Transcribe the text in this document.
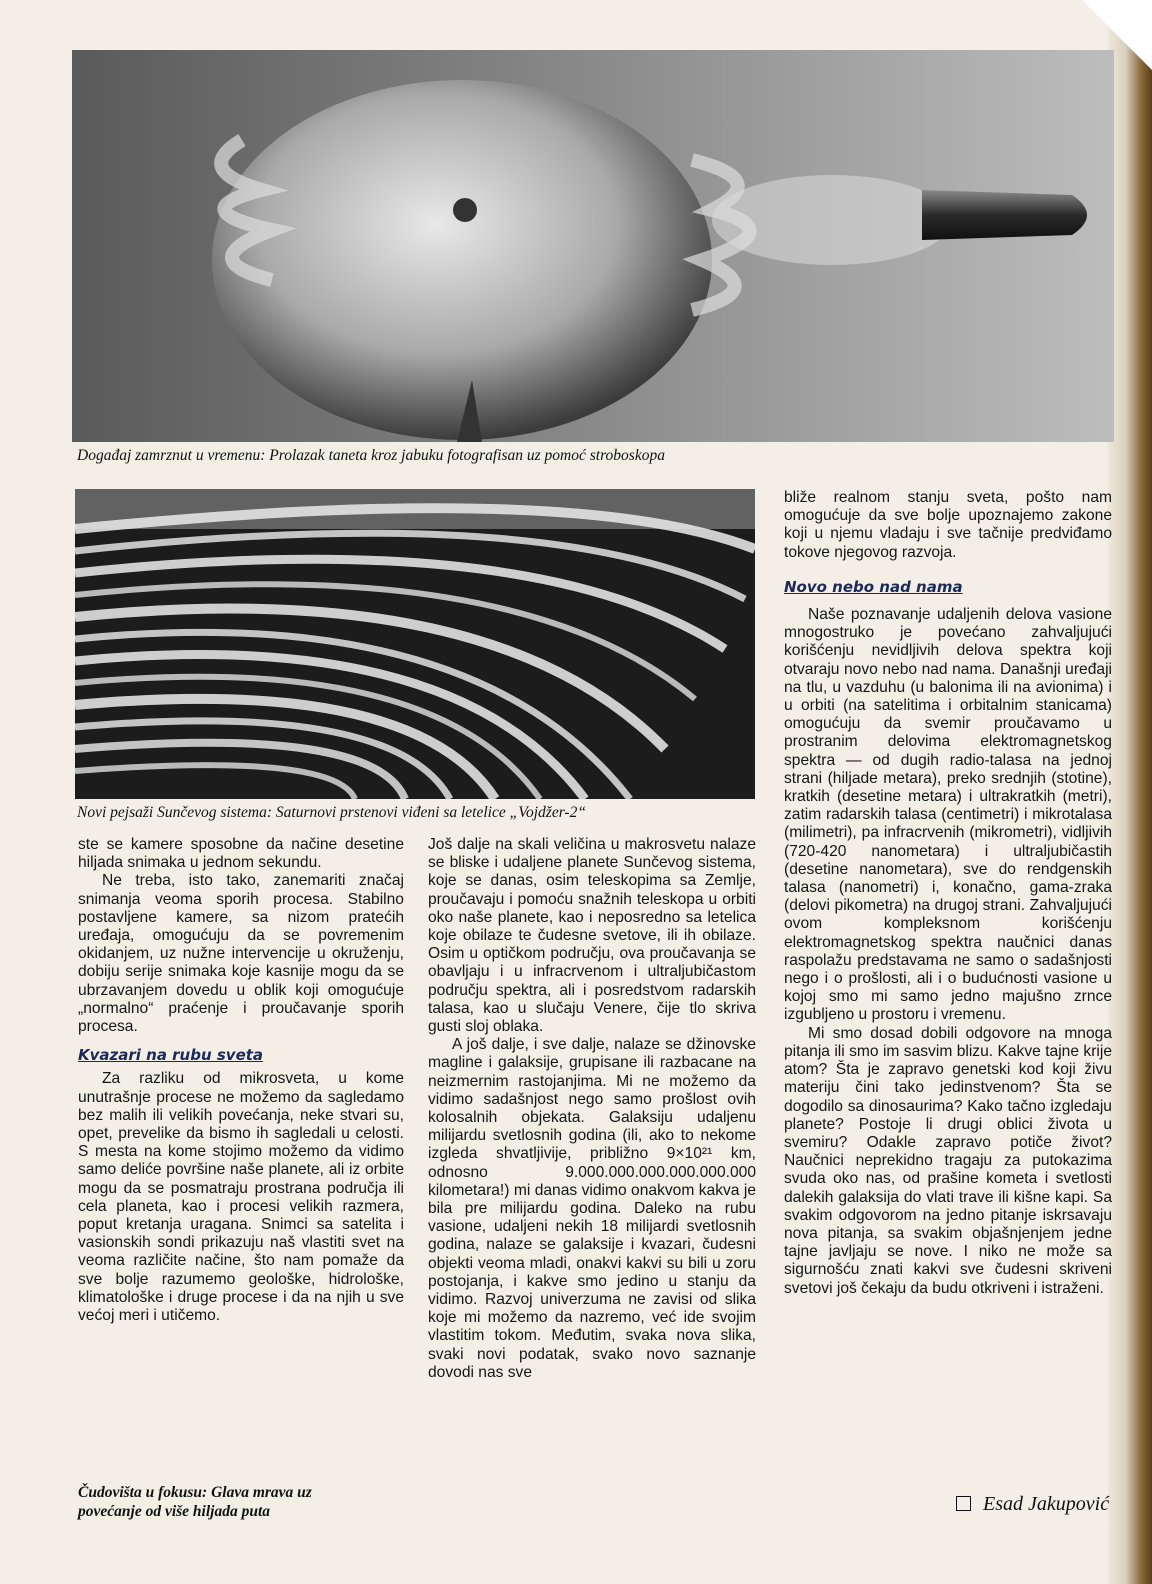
Događaj zamrznut u vremenu: Prolazak taneta kroz jabuku fotografisan uz pomoć stroboskopa
Novi pejsaži Sunčevog sistema: Saturnovi prstenovi viđeni sa letelice „Vojdžer-2“

ste se kamere sposobne da načine desetine hiljada snimaka u jednom sekundu.

Ne treba, isto tako, zanemariti značaj snimanja veoma sporih procesa. Stabilno postavljene kamere, sa nizom pratećih uređaja, omogućuju da se povremenim okidanjem, uz nužne intervencije u okruženju, dobiju serije snimaka koje kasnije mogu da se ubrzavanjem dovedu u oblik koji omogućuje „normalno“ praćenje i proučavanje sporih procesa.

Kvazari na rubu sveta

Za razliku od mikrosveta, u kome unutrašnje procese ne možemo da sagledamo bez malih ili velikih povećanja, neke stvari su, opet, prevelike da bismo ih sagledali u celosti. S mesta na kome stojimo možemo da vidimo samo deliće površine naše planete, ali iz orbite mogu da se posmatraju prostrana područja ili cela planeta, kao i procesi velikih razmera, poput kretanja uragana. Snimci sa satelita i vasionskih sondi prikazuju naš vlastiti svet na veoma različite načine, što nam pomaže da sve bolje razumemo geološke, hidrološke, klimatološke i druge procese i da na njih u sve većoj meri i utičemo.

Čudovišta u fokusu: Glava mrava uz
povećanje od više hiljada puta

Još dalje na skali veličina u makrosvetu nalaze se bliske i udaljene planete Sunčevog sistema, koje se danas, osim teleskopima sa Zemlje, proučavaju i pomoću snažnih teleskopa u orbiti oko naše planete, kao i neposredno sa letelica koje obilaze te čudesne svetove, ili ih obilaze. Osim u optičkom području, ova proučavanja se obavljaju i u infracrvenom i ultraljubičastom području spektra, ali i posredstvom radarskih talasa, kao u slučaju Venere, čije tlo skriva gusti sloj oblaka.

A još dalje, i sve dalje, nalaze se džinovske magline i galaksije, grupisane ili razbacane na neizmernim rastojanjima. Mi ne možemo da vidimo sadašnjost nego samo prošlost ovih kolosalnih objekata. Galaksiju udaljenu milijardu svetlosnih godina (ili, ako to nekome izgleda shvatljivije, približno 9×10²¹ km, odnosno 9.000.000.000.000.000.000 kilometara!) mi danas vidimo onakvom kakva je bila pre milijardu godina. Daleko na rubu vasione, udaljeni nekih 18 milijardi svetlosnih godina, nalaze se galaksije i kvazari, čudesni objekti veoma mladi, onakvi kakvi su bili u zoru postojanja, i kakve smo jedino u stanju da vidimo. Razvoj univerzuma ne zavisi od slika koje mi možemo da nazremo, već ide svojim vlastitim tokom. Međutim, svaka nova slika, svaki novi podatak, svako novo saznanje dovodi nas sve

bliže realnom stanju sveta, pošto nam omogućuje da sve bolje upoznajemo zakone koji u njemu vladaju i sve tačnije predviđamo tokove njegovog razvoja.

Novo nebo nad nama

Naše poznavanje udaljenih delova vasione mnogostruko je povećano zahvaljujući korišćenju nevidljivih delova spektra koji otvaraju novo nebo nad nama. Današnji uređaji na tlu, u vazduhu (u balonima ili na avionima) i u orbiti (na satelitima i orbitalnim stanicama) omogućuju da svemir proučavamo u prostranim delovima elektromagnetskog spektra — od dugih radio-talasa na jednoj strani (hiljade metara), preko srednjih (stotine), kratkih (desetine metara) i ultrakratkih (metri), zatim radarskih talasa (centimetri) i mikrotalasa (milimetri), pa infracrvenih (mikrometri), vidljivih (720-420 nanometara) i ultraljubičastih (desetine nanometara), sve do rendgenskih talasa (nanometri) i, konačno, gama-zraka (delovi pikometra) na drugoj strani. Zahvaljujući ovom kompleksnom korišćenju elektromagnetskog spektra naučnici danas raspolažu predstavama ne samo o sadašnjosti nego i o prošlosti, ali i o budućnosti vasione u kojoj smo mi samo jedno majušno zrnce izgubljeno u prostoru i vremenu.

Mi smo dosad dobili odgovore na mnoga pitanja ili smo im sasvim blizu. Kakve tajne krije atom? Šta je zapravo genetski kod koji živu materiju čini tako jedinstvenom? Šta se dogodilo sa dinosaurima? Kako tačno izgledaju planete? Postoje li drugi oblici života u svemiru? Odakle zapravo potiče život? Naučnici neprekidno tragaju za putokazima svuda oko nas, od prašine kometa i svetlosti dalekih galaksija do vlati trave ili kišne kapi. Sa svakim odgovorom na jedno pitanje iskrsavaju nova pitanja, sa svakim objašnjenjem jedne tajne javljaju se nove. I niko ne može sa sigurnošću znati kakvi sve čudesni skriveni svetovi još čekaju da budu otkriveni i istraženi.

Esad Jakupović
